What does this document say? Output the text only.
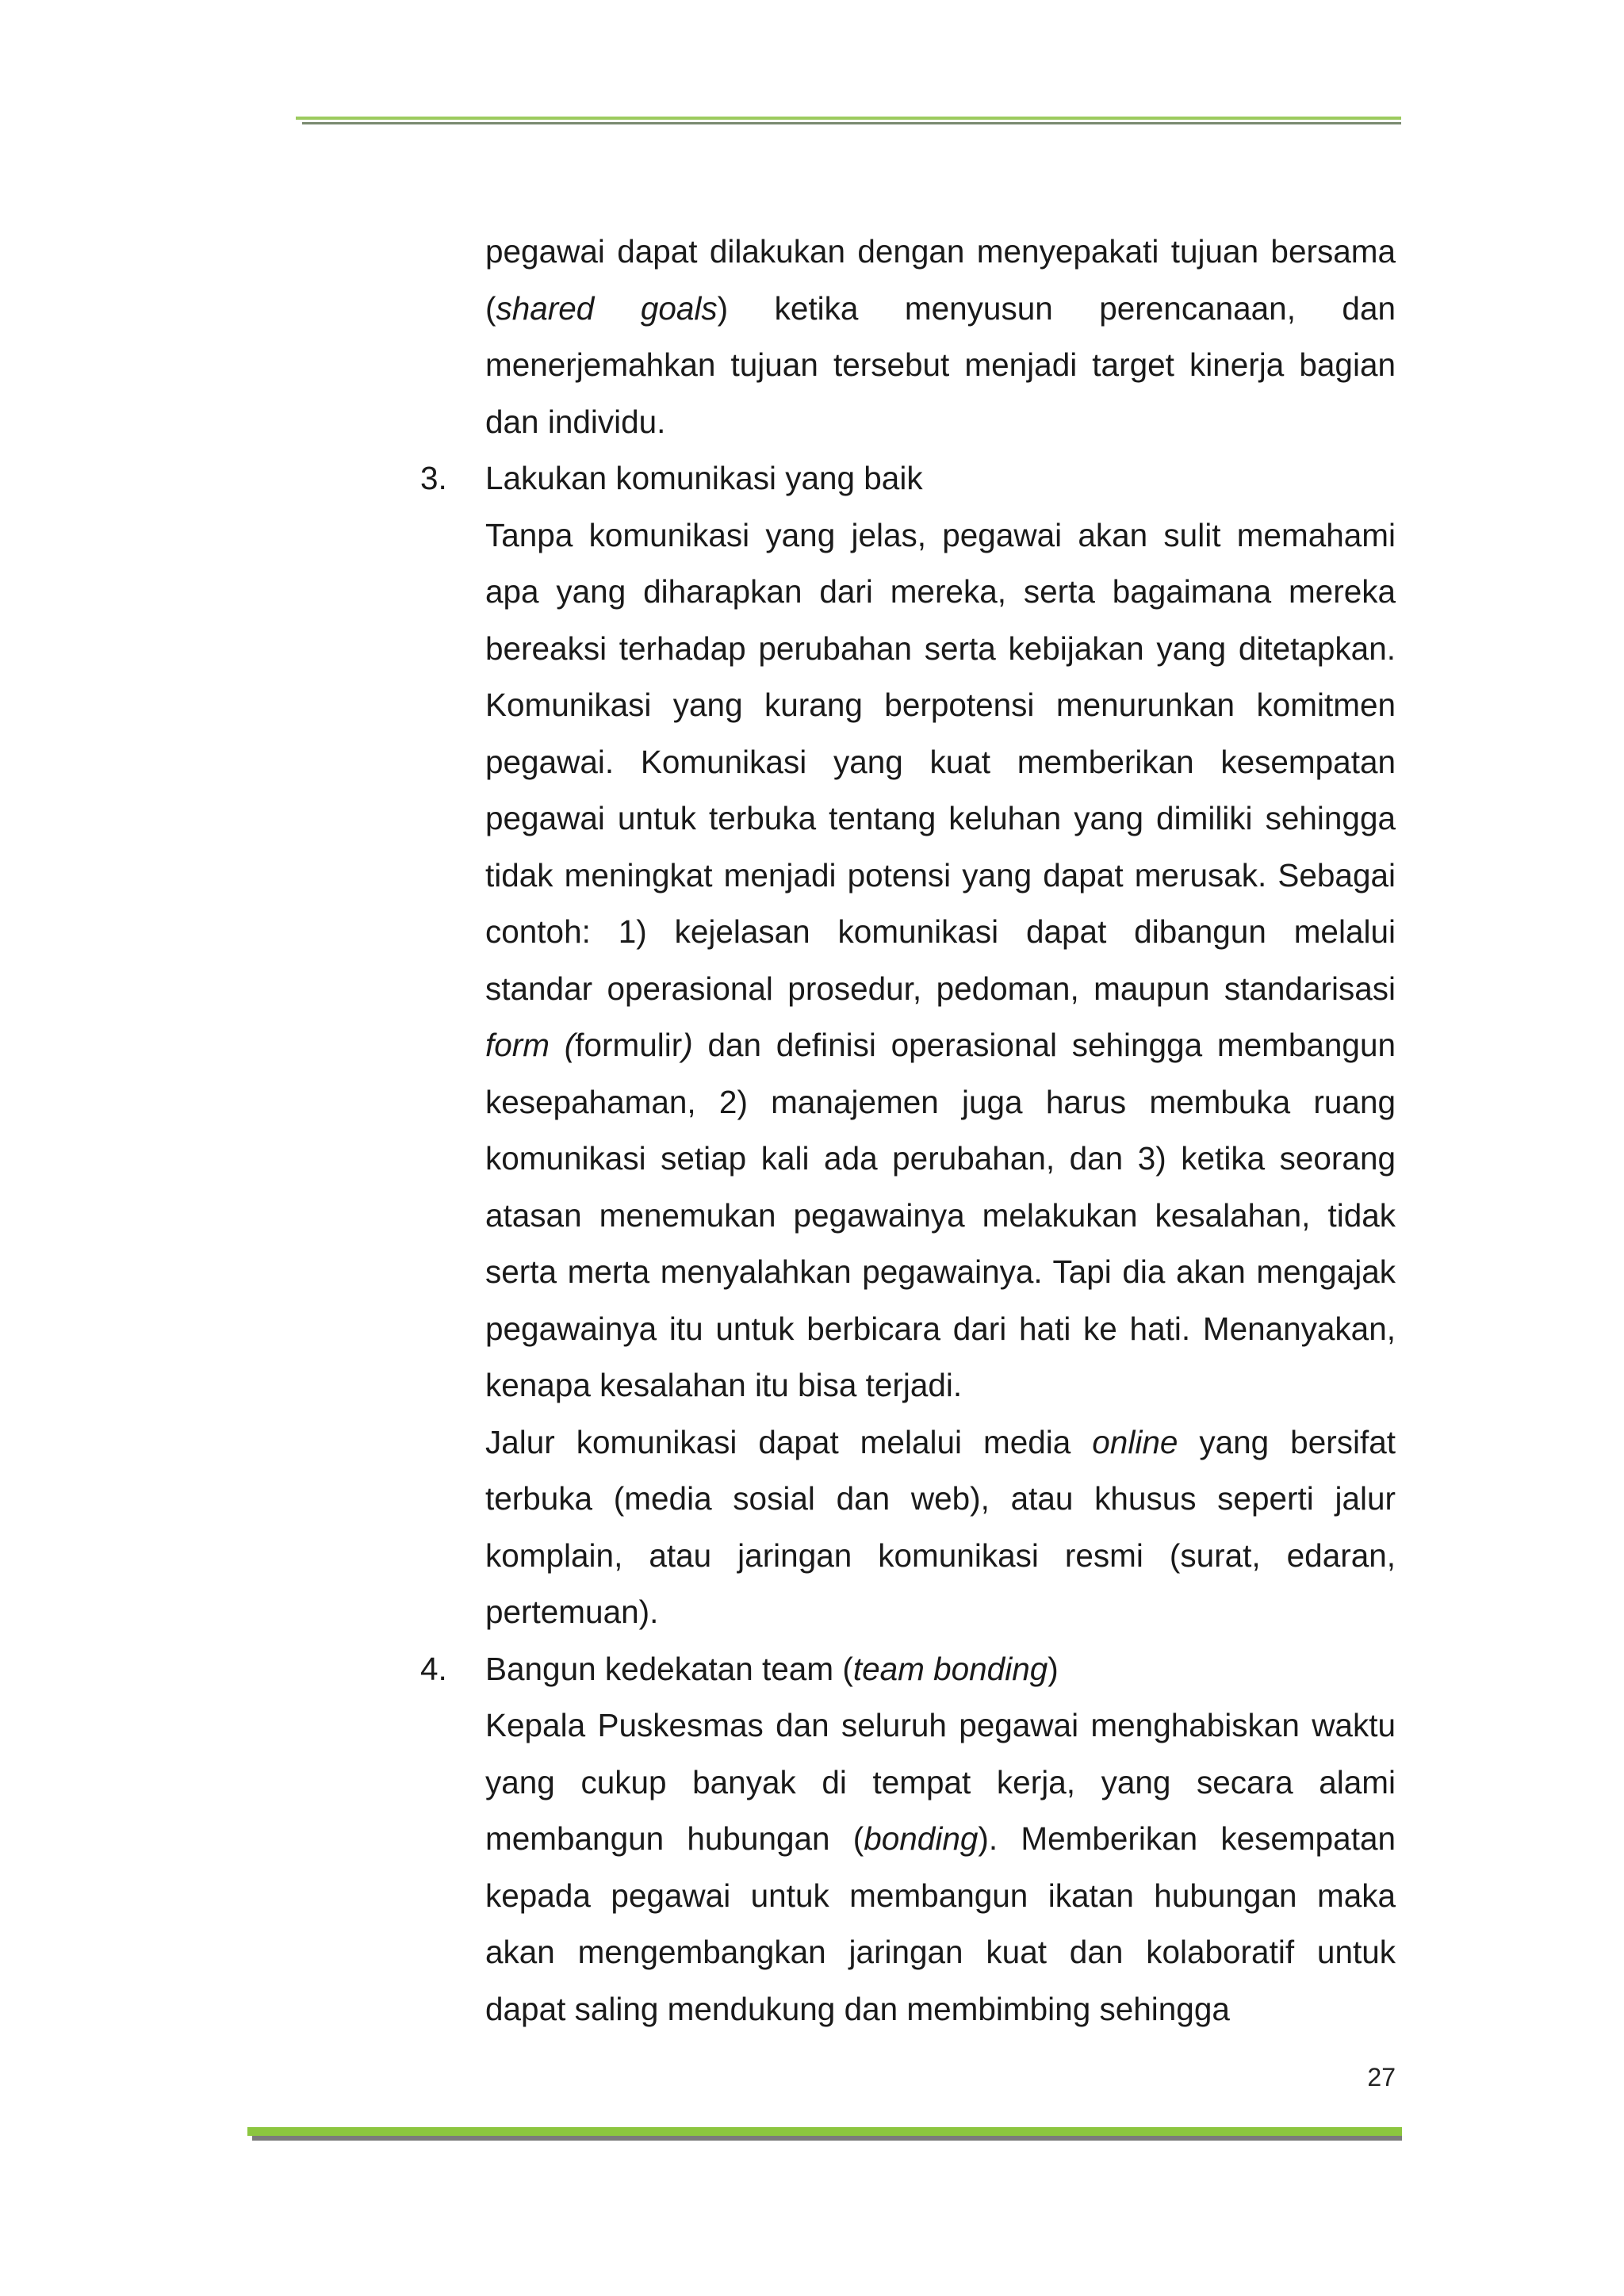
pegawai dapat dilakukan dengan menyepakati tujuan bersama (shared goals) ketika menyusun perencanaan, dan menerjemahkan tujuan tersebut menjadi target kinerja bagian dan individu.

3.	Lakukan komunikasi yang baik

Tanpa komunikasi yang jelas, pegawai akan sulit memahami apa yang diharapkan dari mereka, serta bagaimana mereka bereaksi terhadap perubahan serta kebijakan yang ditetapkan. Komunikasi yang kurang berpotensi menurunkan komitmen pegawai. Komunikasi yang kuat memberikan kesempatan pegawai untuk terbuka tentang keluhan yang dimiliki sehingga tidak meningkat menjadi potensi yang dapat merusak. Sebagai contoh: 1) kejelasan komunikasi dapat dibangun melalui standar operasional prosedur, pedoman, maupun standarisasi form (formulir) dan definisi operasional sehingga membangun kesepahaman, 2) manajemen juga harus membuka ruang komunikasi setiap kali ada perubahan, dan 3) ketika seorang atasan menemukan pegawainya melakukan kesalahan, tidak serta merta menyalahkan pegawainya. Tapi dia akan mengajak pegawainya itu untuk berbicara dari hati ke hati. Menanyakan, kenapa kesalahan itu bisa terjadi.

Jalur komunikasi dapat melalui media online yang bersifat terbuka (media sosial dan web), atau khusus seperti jalur komplain, atau jaringan komunikasi resmi (surat, edaran, pertemuan).

4.	Bangun kedekatan team (team bonding)

Kepala Puskesmas dan seluruh pegawai menghabiskan waktu yang cukup banyak di tempat kerja, yang secara alami membangun hubungan (bonding). Memberikan kesempatan kepada pegawai untuk membangun ikatan hubungan maka akan mengembangkan jaringan kuat dan kolaboratif untuk dapat saling mendukung dan membimbing sehingga

27
